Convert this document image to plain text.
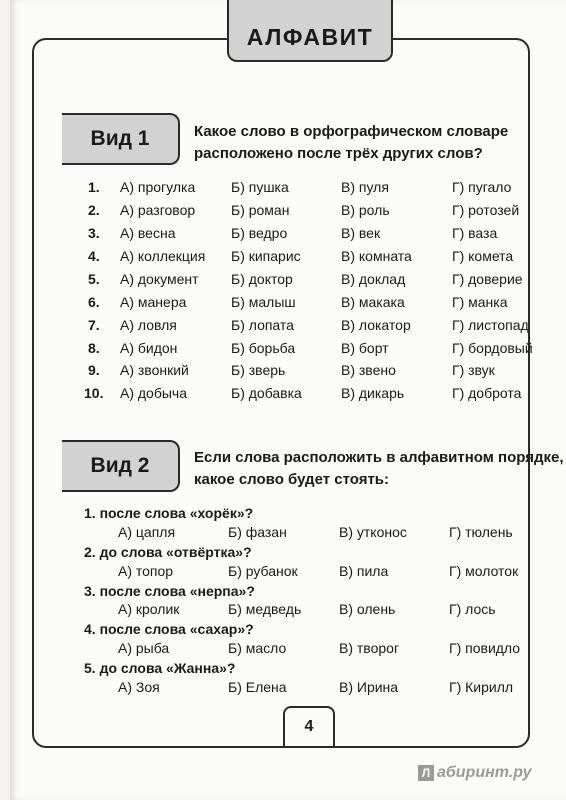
АЛФАВИТ
Вид 1	Какое слово в орфографическом словаре расположено после трёх других слов?
1. А) прогулка	Б) пушка	В) пуля	Г) пугало
2. А) разговор	Б) роман	В) роль	Г) ротозей
3. А) весна	Б) ведро	В) век	Г) ваза
4. А) коллекция Б) кипарис	В) комната	Г) комета
5. А) документ Б) доктор	В) доклад	Г) доверие
6. А) манера	Б) малыш	В) макака	Г) манка
7. А) ловля	Б) лопата	В) локатор	Г) листопад
8. А) бидон	Б) борьба	В) борт	Г) бордовый
9. А) звонкий	Б) зверь	В) звено	Г) звук
10. А) добыча	Б) добавка	В) дикарь	Г) доброта
Вид 2	Если слова расположить в алфавитном порядке, какое слово будет стоять:
1. после слова «хорёк»?
А) цапля	Б) фазан	В) утконос	Г) тюлень
2. до слова «отвёртка»?
А) топор	Б) рубанок	В) пила	Г) молоток
3. после слова «нерпа»?
А) кролик	Б) медведь	В) олень	Г) лось
4. после слова «сахар»?
А) рыба	Б) масло	В) творог	Г) повидло
5. до слова «Жанна»?
А) Зоя	Б) Елена	В) Ирина	Г) Кирилл
4
Л абиринт.ру
